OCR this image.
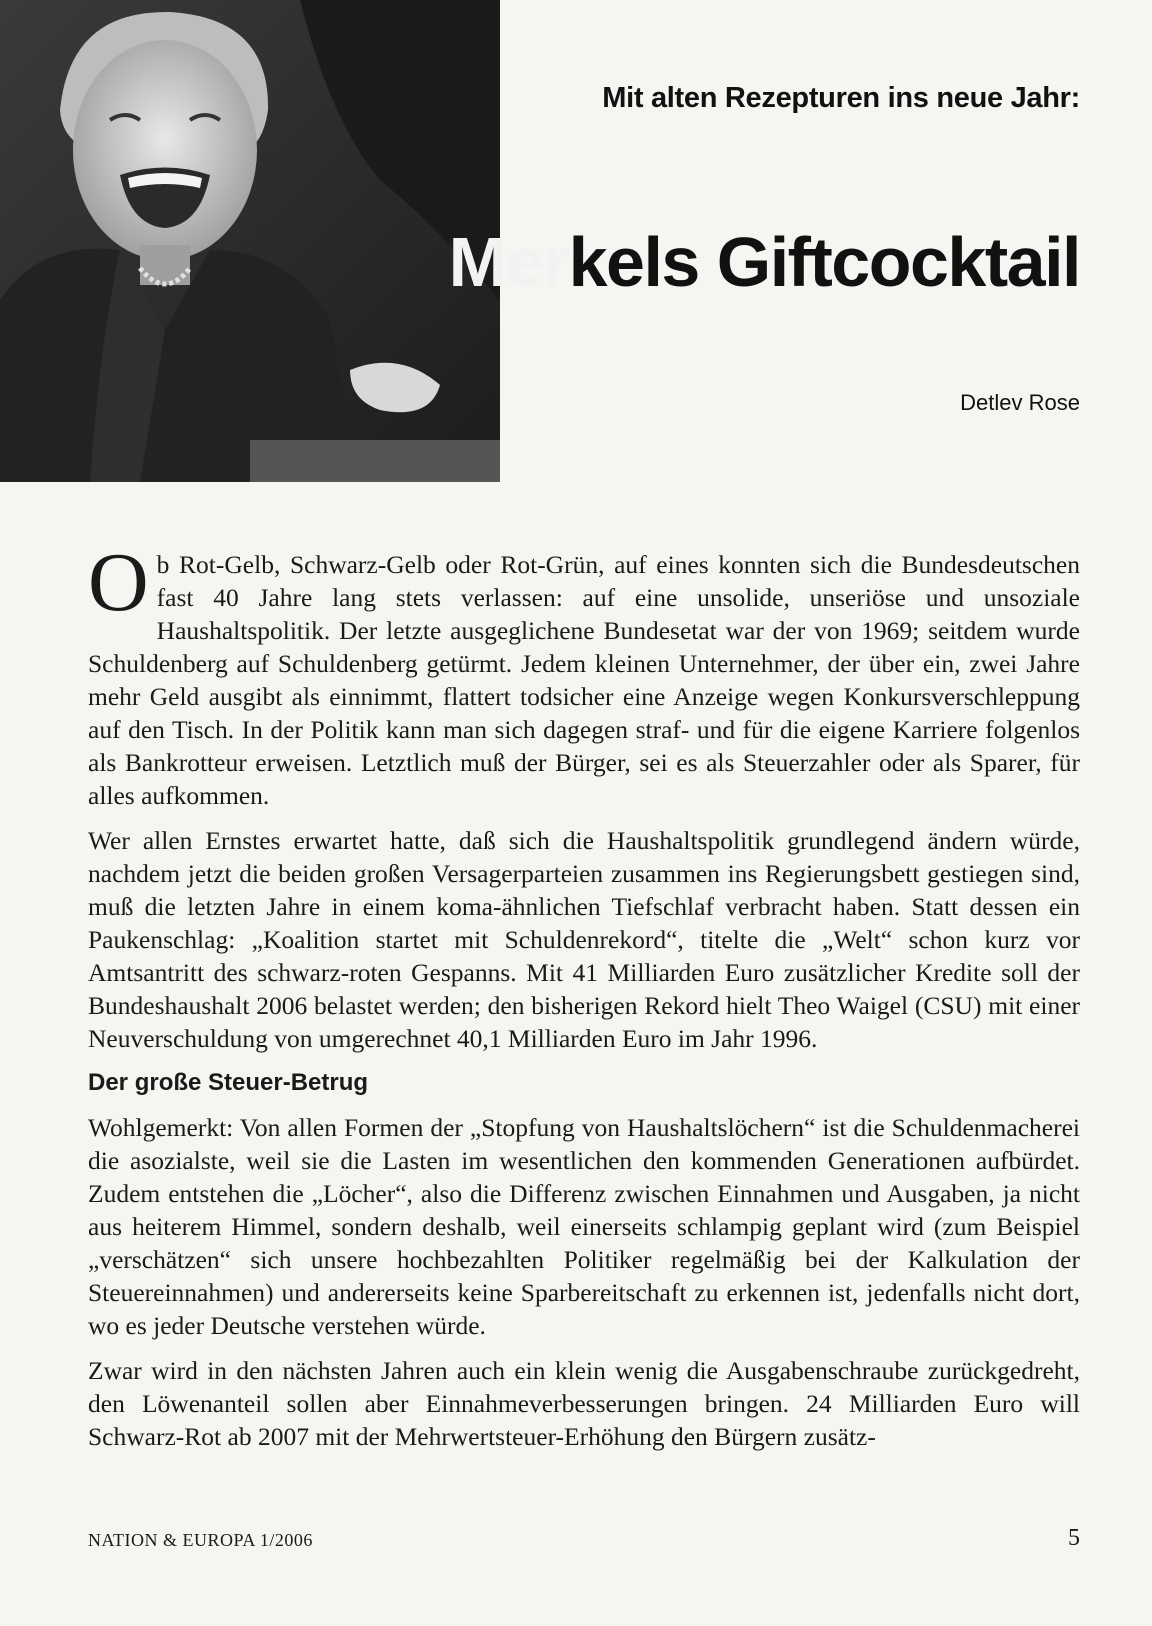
Mit alten Rezepturen ins neue Jahr:
Merkels Giftcocktail
Detlev Rose

Ob Rot-Gelb, Schwarz-Gelb oder Rot-Grün, auf eines konnten sich die Bundesdeutschen fast 40 Jahre lang stets verlassen: auf eine unsolide, unseriöse und unsoziale Haushaltspolitik. Der letzte ausgeglichene Bundesetat war der von 1969; seitdem wurde Schuldenberg auf Schuldenberg getürmt. Jedem kleinen Unternehmer, der über ein, zwei Jahre mehr Geld ausgibt als einnimmt, flattert todsicher eine Anzeige wegen Konkursverschleppung auf den Tisch. In der Politik kann man sich dagegen straf- und für die eigene Karriere folgenlos als Bankrotteur erweisen. Letztlich muß der Bürger, sei es als Steuerzahler oder als Sparer, für alles aufkommen.

Wer allen Ernstes erwartet hatte, daß sich die Haushaltspolitik grundlegend ändern würde, nachdem jetzt die beiden großen Versagerparteien zusammen ins Regierungsbett gestiegen sind, muß die letzten Jahre in einem koma-ähnlichen Tiefschlaf verbracht haben. Statt dessen ein Paukenschlag: „Koalition startet mit Schuldenrekord“, titelte die „Welt“ schon kurz vor Amtsantritt des schwarz-roten Gespanns. Mit 41 Milliarden Euro zusätzlicher Kredite soll der Bundeshaushalt 2006 belastet werden; den bisherigen Rekord hielt Theo Waigel (CSU) mit einer Neuverschuldung von umgerechnet 40,1 Milliarden Euro im Jahr 1996.

Der große Steuer-Betrug

Wohlgemerkt: Von allen Formen der „Stopfung von Haushaltslöchern“ ist die Schuldenmacherei die asozialste, weil sie die Lasten im wesentlichen den kommenden Generationen aufbürdet. Zudem entstehen die „Löcher“, also die Differenz zwischen Einnahmen und Ausgaben, ja nicht aus heiterem Himmel, sondern deshalb, weil einerseits schlampig geplant wird (zum Beispiel „verschätzen“ sich unsere hochbezahlten Politiker regelmäßig bei der Kalkulation der Steuereinnahmen) und andererseits keine Sparbereitschaft zu erkennen ist, jedenfalls nicht dort, wo es jeder Deutsche verstehen würde.

Zwar wird in den nächsten Jahren auch ein klein wenig die Ausgabenschraube zurückgedreht, den Löwenanteil sollen aber Einnahmeverbesserungen bringen. 24 Milliarden Euro will Schwarz-Rot ab 2007 mit der Mehrwertsteuer-Erhöhung den Bürgern zusätz-

NATION & EUROPA 1/2006	5
